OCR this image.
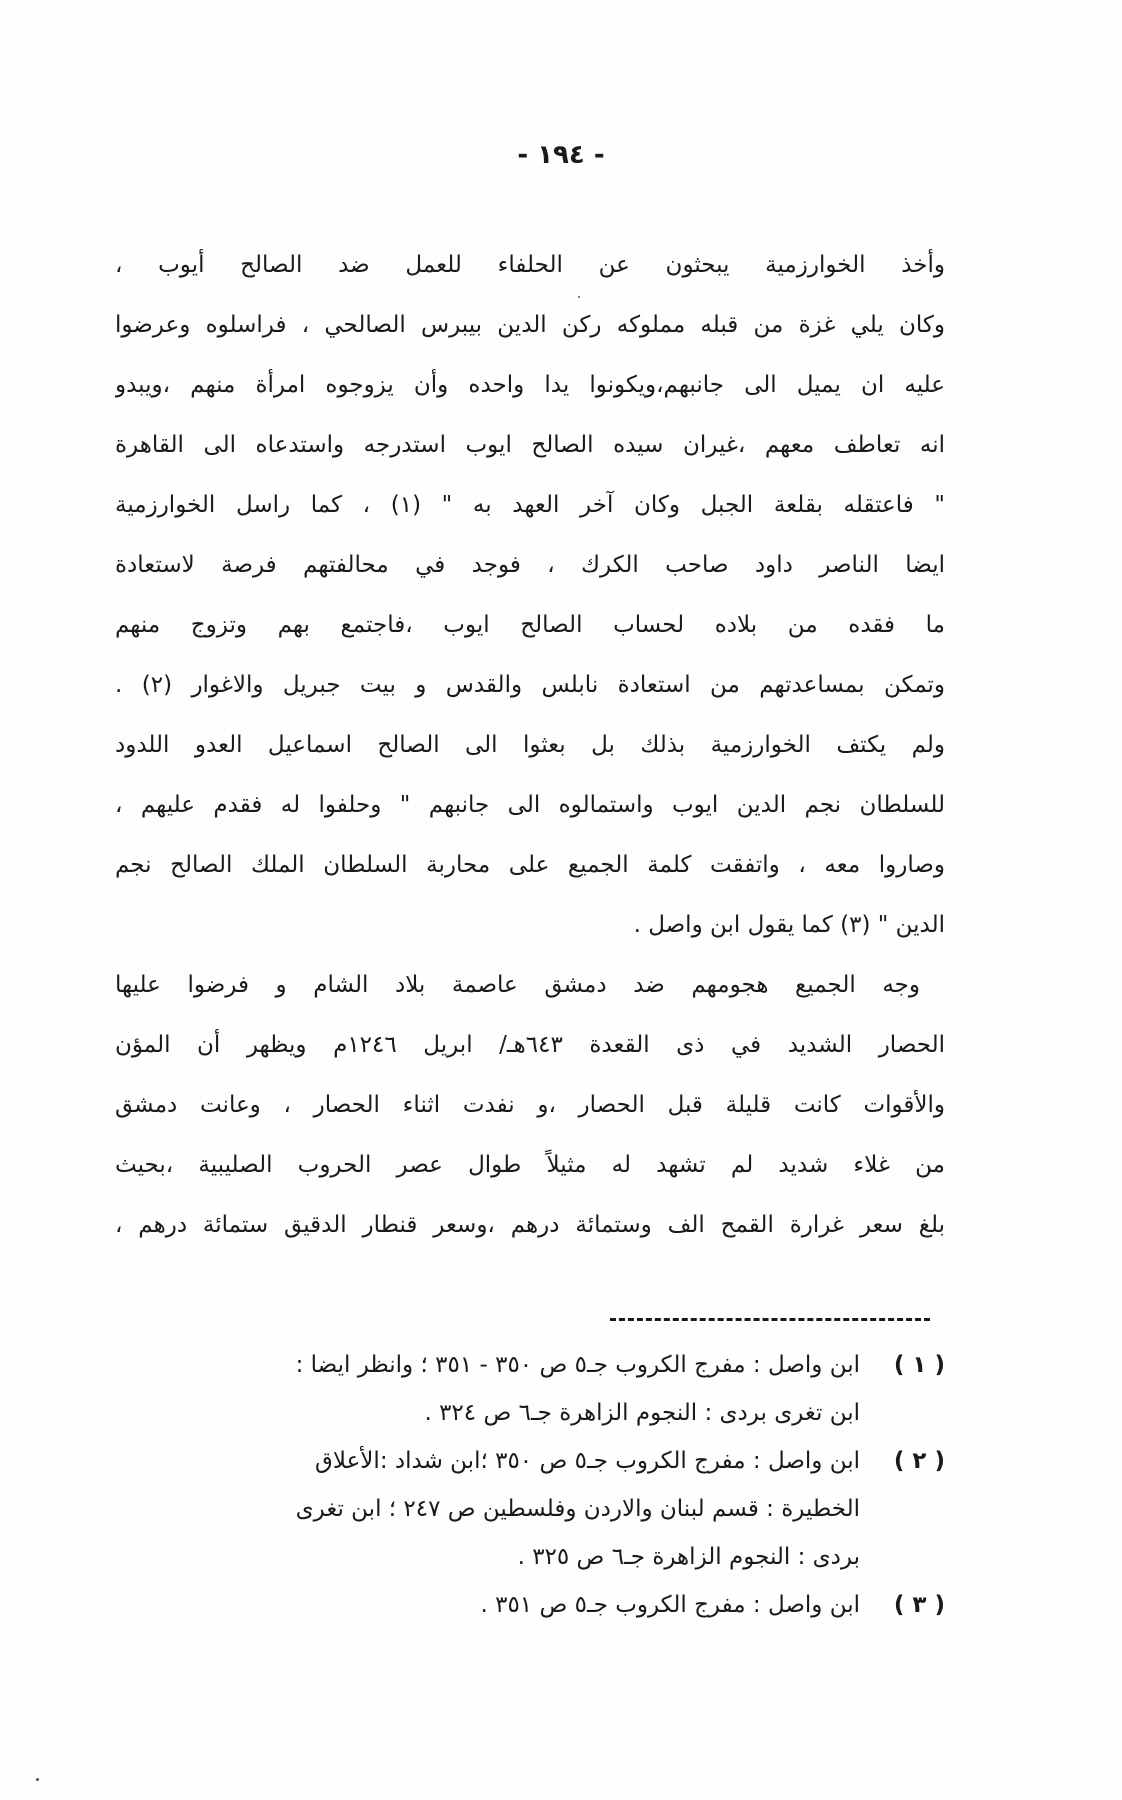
- ١٩٤ -
وأخذ الخوارزمية يبحثون عن الحلفاء للعمل ضد الصالح أيوب ،
وكان يلي غزة من قبله مملوكه ركن الدين بيبرس الصالحي ، فراسلوه وعرضوا
عليه ان يميل الى جانبهم،ويكونوا يدا واحده وأن يزوجوه امرأة منهم ،ويبدو
انه تعاطف معهم ،غيران سيده الصالح ايوب استدرجه واستدعاه الى القاهرة
" فاعتقله بقلعة الجبل وكان آخر العهد به " (١) ، كما راسل الخوارزمية
ايضا الناصر داود صاحب الكرك ، فوجد في محالفتهم فرصة لاستعادة
ما فقده من بلاده لحساب الصالح ايوب ،فاجتمع بهم وتزوج منهم
وتمكن بمساعدتهم من استعادة نابلس والقدس و بيت جبريل والاغوار (٢) .
ولم يكتف الخوارزمية بذلك بل بعثوا الى الصالح اسماعيل العدو اللدود
للسلطان نجم الدين ايوب واستمالوه الى جانبهم " وحلفوا له فقدم عليهم ،
وصاروا معه ، واتفقت كلمة الجميع على محاربة السلطان الملك الصالح نجم
الدين " (٣) كما يقول ابن واصل .
وجه الجميع هجومهم ضد دمشق عاصمة بلاد الشام و فرضوا عليها
الحصار الشديد في ذى القعدة ٦٤٣هـ/ ابريل ١٢٤٦م ويظهر أن المؤن
والأقوات كانت قليلة قبل الحصار ،و نفدت اثناء الحصار ، وعانت دمشق
من غلاء شديد لم تشهد له مثيلاً طوال عصر الحروب الصليبية ،بحيث
بلغ سعر غرارة القمح الف وستمائة درهم ،وسعر قنطار الدقيق ستمائة درهم ،
( ١ )
ابن واصل : مفرج الكروب جـ٥ ص ٣٥٠ - ٣٥١ ؛ وانظر ايضا :
ابن تغرى بردى : النجوم الزاهرة جـ٦ ص ٣٢٤ .
( ٢ )
ابن واصل : مفرج الكروب جـ٥ ص ٣٥٠ ؛ابن شداد :الأعلاق
الخطيرة : قسم لبنان والاردن وفلسطين ص ٢٤٧ ؛ ابن تغرى
بردى : النجوم الزاهرة جـ٦ ص ٣٢٥ .
( ٣ )
ابن واصل : مفرج الكروب جـ٥ ص ٣٥١ .
